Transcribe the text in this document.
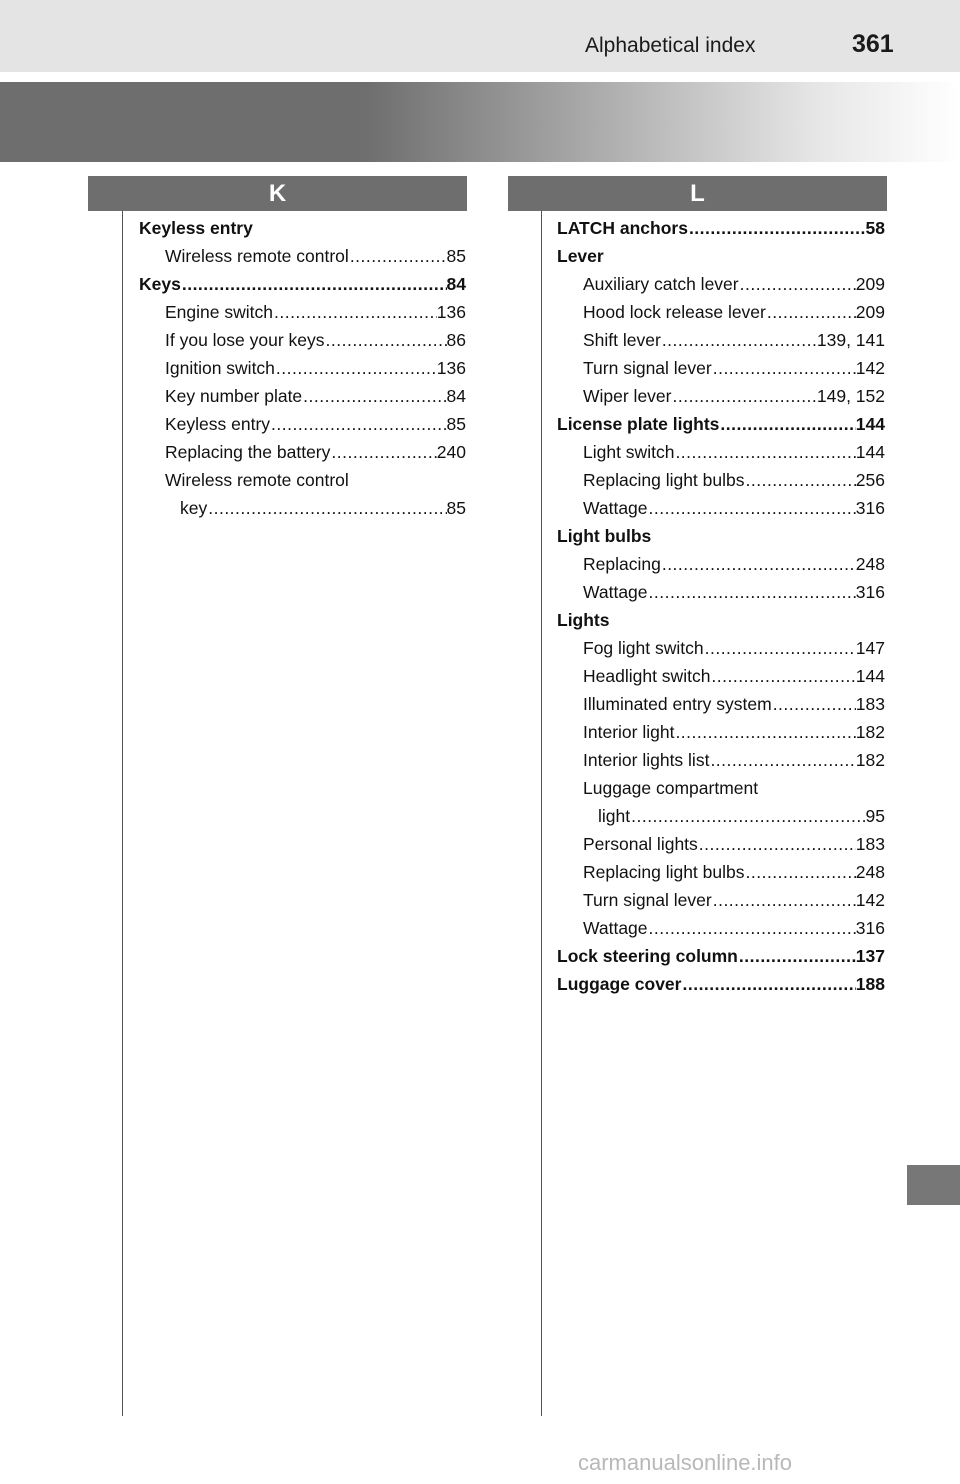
Alphabetical index	361
K
Keyless entry
Wireless remote control .....	85
Keys .....	84
Engine switch .....	136
If you lose your keys .....	86
Ignition switch .....	136
Key number plate .....	84
Keyless entry .....	85
Replacing the battery .....	240
Wireless remote control
key .....	85
L
LATCH anchors .....	58
Lever
Auxiliary catch lever .....	209
Hood lock release lever .....	209
Shift lever .....	139, 141
Turn signal lever .....	142
Wiper lever .....	149, 152
License plate lights .....	144
Light switch .....	144
Replacing light bulbs .....	256
Wattage .....	316
Light bulbs
Replacing .....	248
Wattage .....	316
Lights
Fog light switch .....	147
Headlight switch .....	144
Illuminated entry system .....	183
Interior light .....	182
Interior lights list .....	182
Luggage compartment
light .....	95
Personal lights .....	183
Replacing light bulbs .....	248
Turn signal lever .....	142
Wattage .....	316
Lock steering column .....	137
Luggage cover .....	188
carmanualsonline.info
